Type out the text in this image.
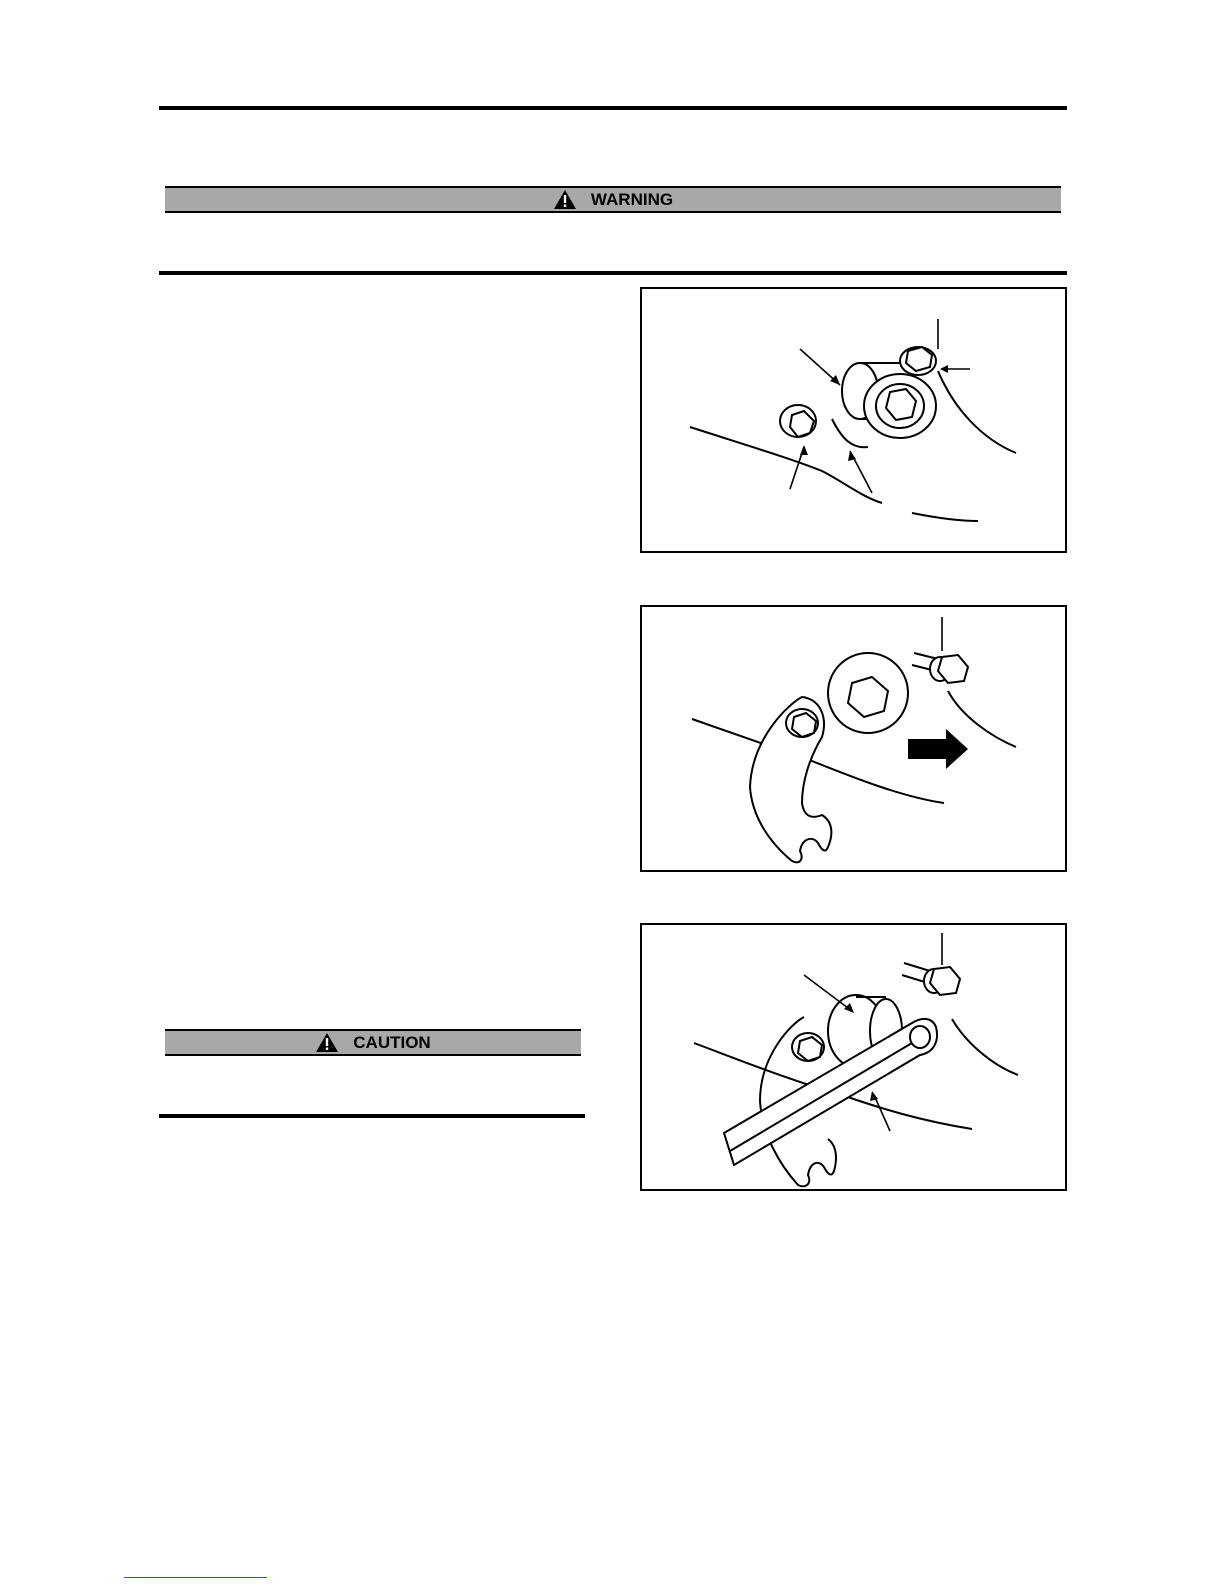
WARNING
CAUTION
